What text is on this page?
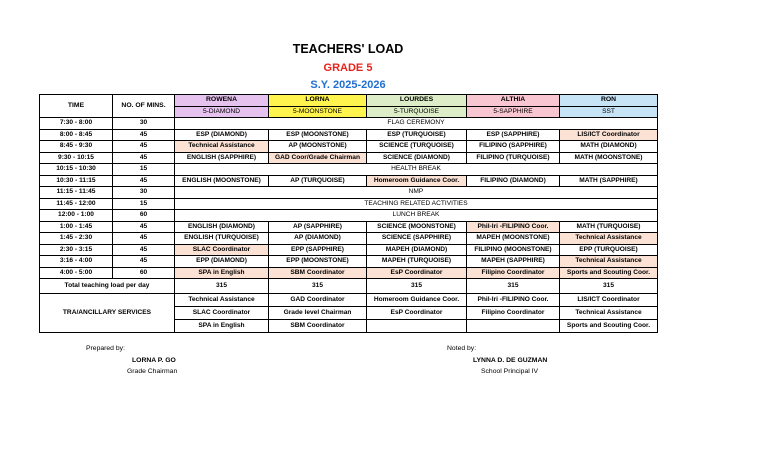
TEACHERS' LOAD
GRADE 5
S.Y. 2025-2026
TIME	NO. OF MINS.	ROWENA	LORNA	LOURDES	ALTHIA	RON
		5-DIAMOND	5-MOONSTONE	5-TURQUOISE	5-SAPPHIRE	SST
7:30 - 8:00	30	FLAG CEREMONY				
8:00 - 8:45	45	ESP (DIAMOND)	ESP (MOONSTONE)	ESP (TURQUOISE)	ESP (SAPPHIRE)	LIS/ICT Coordinator
8:45 - 9:30	45	Technical Assistance	AP (MOONSTONE)	SCIENCE (TURQUOISE)	FILIPINO (SAPPHIRE)	MATH (DIAMOND)
9:30 - 10:15	45	ENGLISH (SAPPHIRE)	GAD Coor/Grade Chairman	SCIENCE (DIAMOND)	FILIPINO (TURQUOISE)	MATH (MOONSTONE)
10:15 - 10:30	15	HEALTH BREAK				
10:30 - 11:15	45	ENGLISH (MOONSTONE)	AP (TURQUOISE)	Homeroom Guidance Coor.	FILIPINO (DIAMOND)	MATH (SAPPHIRE)
11:15 - 11:45	30	NMP				
11:45 - 12:00	15	TEACHING RELATED ACTIVITIES				
12:00 - 1:00	60	LUNCH BREAK				
1:00 - 1:45	45	ENGLISH (DIAMOND)	AP (SAPPHIRE)	SCIENCE (MOONSTONE)	Phil-Iri -FILIPINO Coor.	MATH (TURQUOISE)
1:45 - 2:30	45	ENGLISH (TURQUOISE)	AP (DIAMOND)	SCIENCE (SAPPHIRE)	MAPEH (MOONSTONE)	Technical Assistance
2:30 - 3:15	45	SLAC Coordinator	EPP (SAPPHIRE)	MAPEH (DIAMOND)	FILIPINO (MOONSTONE)	EPP (TURQUOISE)
3:16 - 4:00	45	EPP (DIAMOND)	EPP (MOONSTONE)	MAPEH (TURQUOISE)	MAPEH (SAPPHIRE)	Technical Assistance
4:00 - 5:00	60	SPA in English	SBM Coordinator	EsP Coordinator	Filipino Coordinator	Sports and Scouting Coor.
Total teaching load per day		315	315	315	315	315
TRA/ANCILLARY SERVICES		Technical Assistance	GAD Coordinator	Homeroom Guidance Coor.	Phil-Iri -FILIPINO Coor.	LIS/ICT Coordinator
		SLAC Coordinator	Grade level Chairman	EsP Coordinator	Filipino Coordinator	Technical Assistance
		SPA in English	SBM Coordinator			Sports and Scouting Coor.
Prepared by:
LORNA P. GO
Grade Chairman
Noted by:
LYNNA D. DE GUZMAN
School Principal IV
